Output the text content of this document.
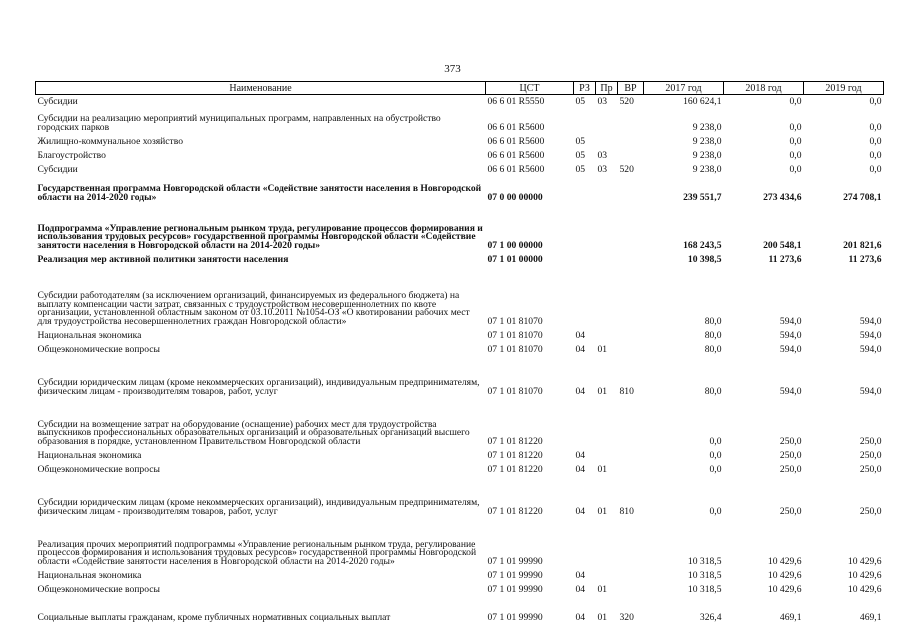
373
Наименование	ЦСТ	РЗ	Пр	ВР	2017 год	2018 год	2019 год
Субсидии	06 6 01 R5550	05	03	520	160 624,1	0,0	0,0
Субсидии на реализацию мероприятий муниципальных программ, направленных на обустройство городских парков	06 6 01 R5600				9 238,0	0,0	0,0
Жилищно-коммунальное хозяйство	06 6 01 R5600	05			9 238,0	0,0	0,0
Благоустройство	06 6 01 R5600	05	03		9 238,0	0,0	0,0
Субсидии	06 6 01 R5600	05	03	520	9 238,0	0,0	0,0
Государственная программа Новгородской области «Содействие занятости населения в Новгородской области на 2014-2020 годы»	07 0 00 00000				239 551,7	273 434,6	274 708,1
Подпрограмма «Управление региональным рынком труда, регулирование процессов формирования и использования трудовых ресурсов» государственной программы Новгородской области «Содействие занятости населения в Новгородской области на 2014-2020 годы»	07 1 00 00000				168 243,5	200 548,1	201 821,6
Реализация мер активной политики занятости населения	07 1 01 00000				10 398,5	11 273,6	11 273,6
Субсидии работодателям (за исключением организаций, финансируемых из федерального бюджета) на выплату компенсации части затрат, связанных с трудоустройством несовершеннолетних по квоте организации, установленной областным законом от 03.10.2011 №1054-ОЗ «О квотировании рабочих мест для трудоустройства несовершеннолетних граждан Новгородской области»	07 1 01 81070				80,0	594,0	594,0
Национальная экономика	07 1 01 81070	04			80,0	594,0	594,0
Общеэкономические вопросы	07 1 01 81070	04	01		80,0	594,0	594,0
Субсидии юридическим лицам (кроме некоммерческих организаций), индивидуальным предпринимателям, физическим лицам - производителям товаров, работ, услуг	07 1 01 81070	04	01	810	80,0	594,0	594,0
Субсидии на возмещение затрат на оборудование (оснащение) рабочих мест для трудоустройства выпускников профессиональных образовательных организаций и образовательных организаций высшего образования в порядке, установленном Правительством Новгородской области	07 1 01 81220				0,0	250,0	250,0
Национальная экономика	07 1 01 81220	04			0,0	250,0	250,0
Общеэкономические вопросы	07 1 01 81220	04	01		0,0	250,0	250,0
Субсидии юридическим лицам (кроме некоммерческих организаций), индивидуальным предпринимателям, физическим лицам - производителям товаров, работ, услуг	07 1 01 81220	04	01	810	0,0	250,0	250,0
Реализация прочих мероприятий подпрограммы «Управление региональным рынком труда, регулирование процессов формирования и использования трудовых ресурсов» государственной программы Новгородской области «Содействие занятости населения в Новгородской области на 2014-2020 годы»	07 1 01 99990				10 318,5	10 429,6	10 429,6
Национальная экономика	07 1 01 99990	04			10 318,5	10 429,6	10 429,6
Общеэкономические вопросы	07 1 01 99990	04	01		10 318,5	10 429,6	10 429,6
Социальные выплаты гражданам, кроме публичных нормативных социальных выплат	07 1 01 99990	04	01	320	326,4	469,1	469,1
